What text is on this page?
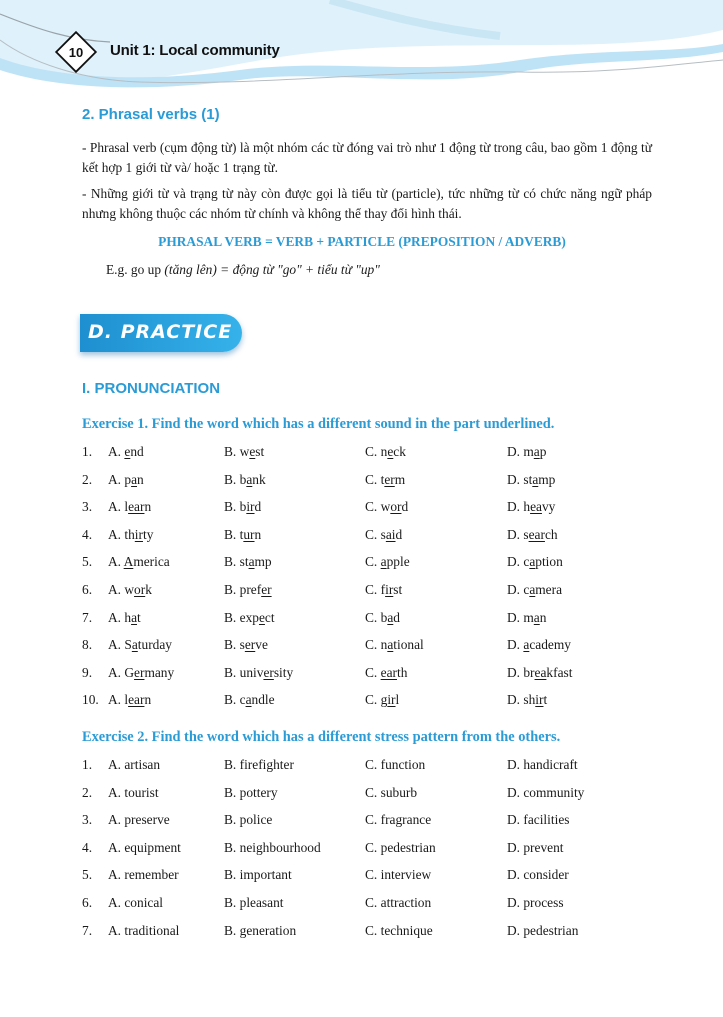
10	Unit 1: Local community
2. Phrasal verbs (1)
- Phrasal verb (cụm động từ) là một nhóm các từ đóng vai trò như 1 động từ trong câu, bao gồm 1 động từ kết hợp 1 giới từ và/ hoặc 1 trạng từ.
- Những giới từ và trạng từ này còn được gọi là tiểu từ (particle), tức những từ có chức năng ngữ pháp nhưng không thuộc các nhóm từ chính và không thể thay đổi hình thái.
PHRASAL VERB = VERB + PARTICLE (PREPOSITION / ADVERB)
E.g. go up (tăng lên) = động từ "go" + tiểu từ "up"
D. PRACTICE
I. PRONUNCIATION
Exercise 1. Find the word which has a different sound in the part underlined.
1. A. end	B. west	C. neck	D. map
2. A. pan	B. bank	C. term	D. stamp
3. A. learn	B. bird	C. word	D. heavy
4. A. thirty	B. turn	C. said	D. search
5. A. America	B. stamp	C. apple	D. caption
6. A. work	B. prefer	C. first	D. camera
7. A. hat	B. expect	C. bad	D. man
8. A. Saturday	B. serve	C. national	D. academy
9. A. Germany	B. university	C. earth	D. breakfast
10. A. learn	B. candle	C. girl	D. shirt
Exercise 2. Find the word which has a different stress pattern from the others.
1. A. artisan	B. firefighter	C. function	D. handicraft
2. A. tourist	B. pottery	C. suburb	D. community
3. A. preserve	B. police	C. fragrance	D. facilities
4. A. equipment	B. neighbourhood	C. pedestrian	D. prevent
5. A. remember	B. important	C. interview	D. consider
6. A. conical	B. pleasant	C. attraction	D. process
7. A. traditional	B. generation	C. technique	D. pedestrian
